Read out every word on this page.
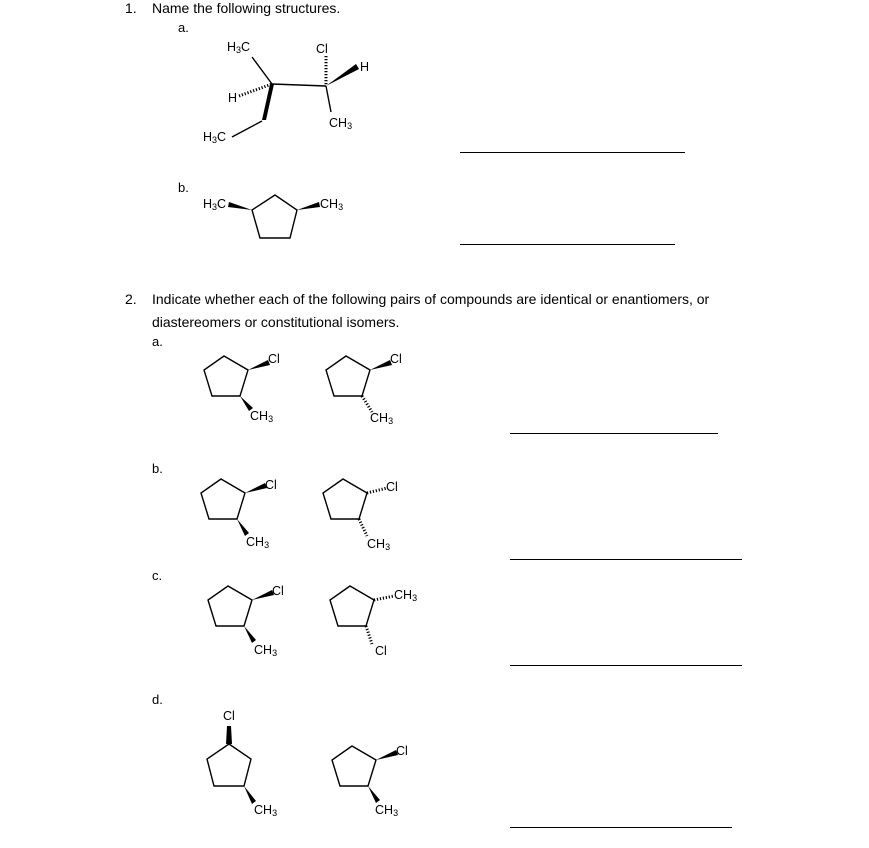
1. Name the following structures.
a.
b.
2. Indicate whether each of the following pairs of compounds are identical or enantiomers, or
diastereomers or constitutional isomers.
a.
b.
c.
d.
$H_3C$	Cl
H
H
$CH_3$
$H_3C$
$H_3C$	$CH_3$
Cl
$CH_3$
Cl
$CH_3$
Cl
$CH_3$
Cl
$CH_3$
Cl
$CH_3$
$CH_3$
Cl
Cl
$CH_3$
Cl
$CH_3$
